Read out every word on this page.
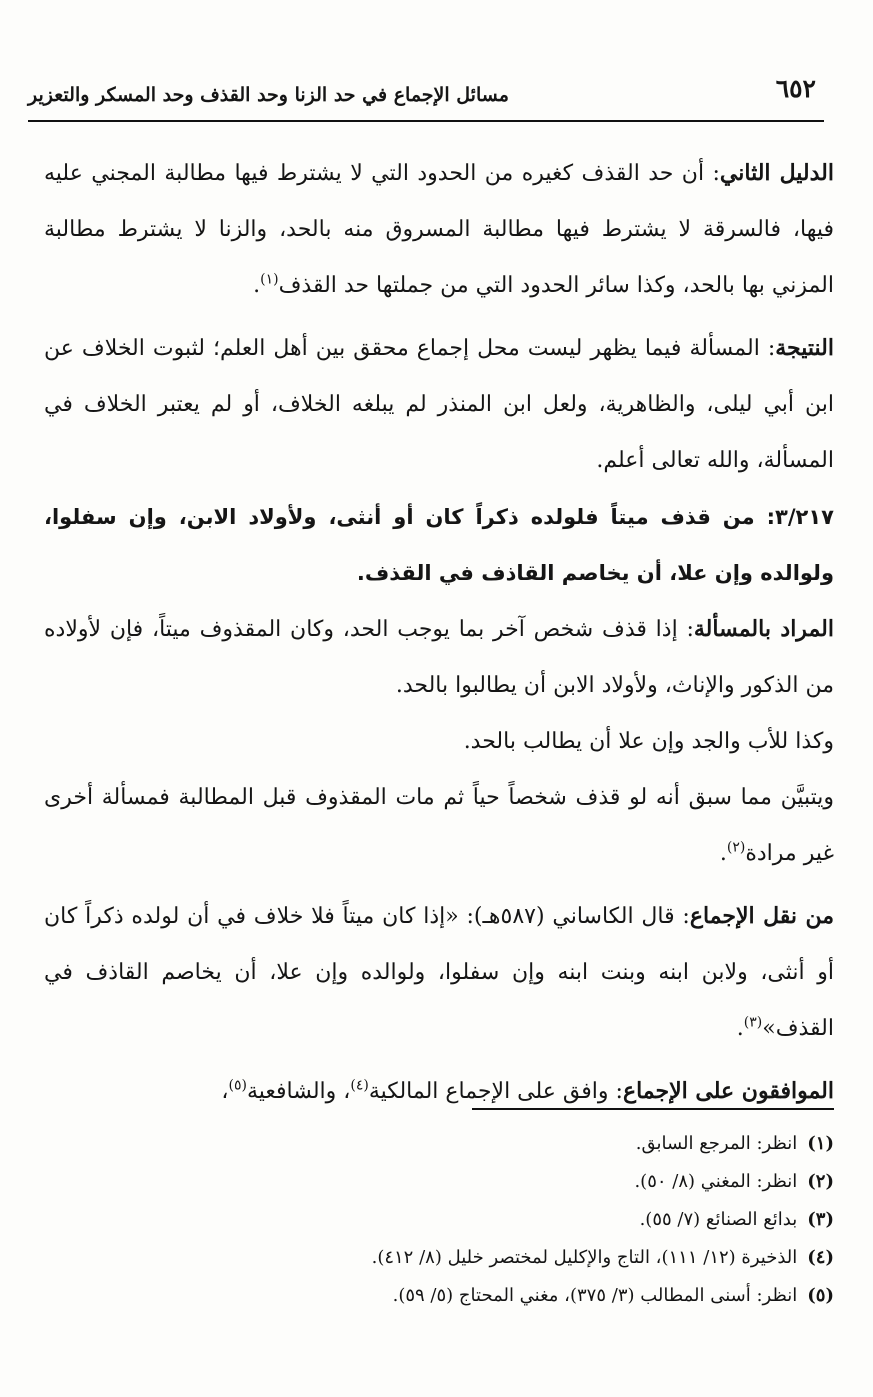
٦٥٢
مسائل الإجماع في حد الزنا وحد القذف وحد المسكر والتعزير

الدليل الثاني: أن حد القذف كغيره من الحدود التي لا يشترط فيها مطالبة المجني عليه فيها، فالسرقة لا يشترط فيها مطالبة المسروق منه بالحد، والزنا لا يشترط مطالبة المزني بها بالحد، وكذا سائر الحدود التي من جملتها حد القذف$^{(١)}$.

النتيجة: المسألة فيما يظهر ليست محل إجماع محقق بين أهل العلم؛ لثبوت الخلاف عن ابن أبي ليلى، والظاهرية، ولعل ابن المنذر لم يبلغه الخلاف، أو لم يعتبر الخلاف في المسألة، والله تعالى أعلم.

٣/٢١٧: من قذف ميتاً فلولده ذكراً كان أو أنثى، ولأولاد الابن، وإن سفلوا، ولوالده وإن علا، أن يخاصم القاذف في القذف.

المراد بالمسألة: إذا قذف شخص آخر بما يوجب الحد، وكان المقذوف ميتاً، فإن لأولاده من الذكور والإناث، ولأولاد الابن أن يطالبوا بالحد.

وكذا للأب والجد وإن علا أن يطالب بالحد.

ويتبيَّن مما سبق أنه لو قذف شخصاً حياً ثم مات المقذوف قبل المطالبة فمسألة أخرى غير مرادة$^{(٢)}$.

من نقل الإجماع: قال الكاساني (٥٨٧هـ): «إذا كان ميتاً فلا خلاف في أن لولده ذكراً كان أو أنثى، ولابن ابنه وبنت ابنه وإن سفلوا، ولوالده وإن علا، أن يخاصم القاذف في القذف»$^{(٣)}$.

الموافقون على الإجماع: وافق على الإجماع المالكية$^{(٤)}$، والشافعية$^{(٥)}$،

(١)انظر: المرجع السابق.
(٢)انظر: المغني (٨/ ٥٠).
(٣)بدائع الصنائع (٧/ ٥٥).
(٤)الذخيرة (١٢/ ١١١)، التاج والإكليل لمختصر خليل (٨/ ٤١٢).
(٥)انظر: أسنى المطالب (٣/ ٣٧٥)، مغني المحتاج (٥/ ٥٩).
